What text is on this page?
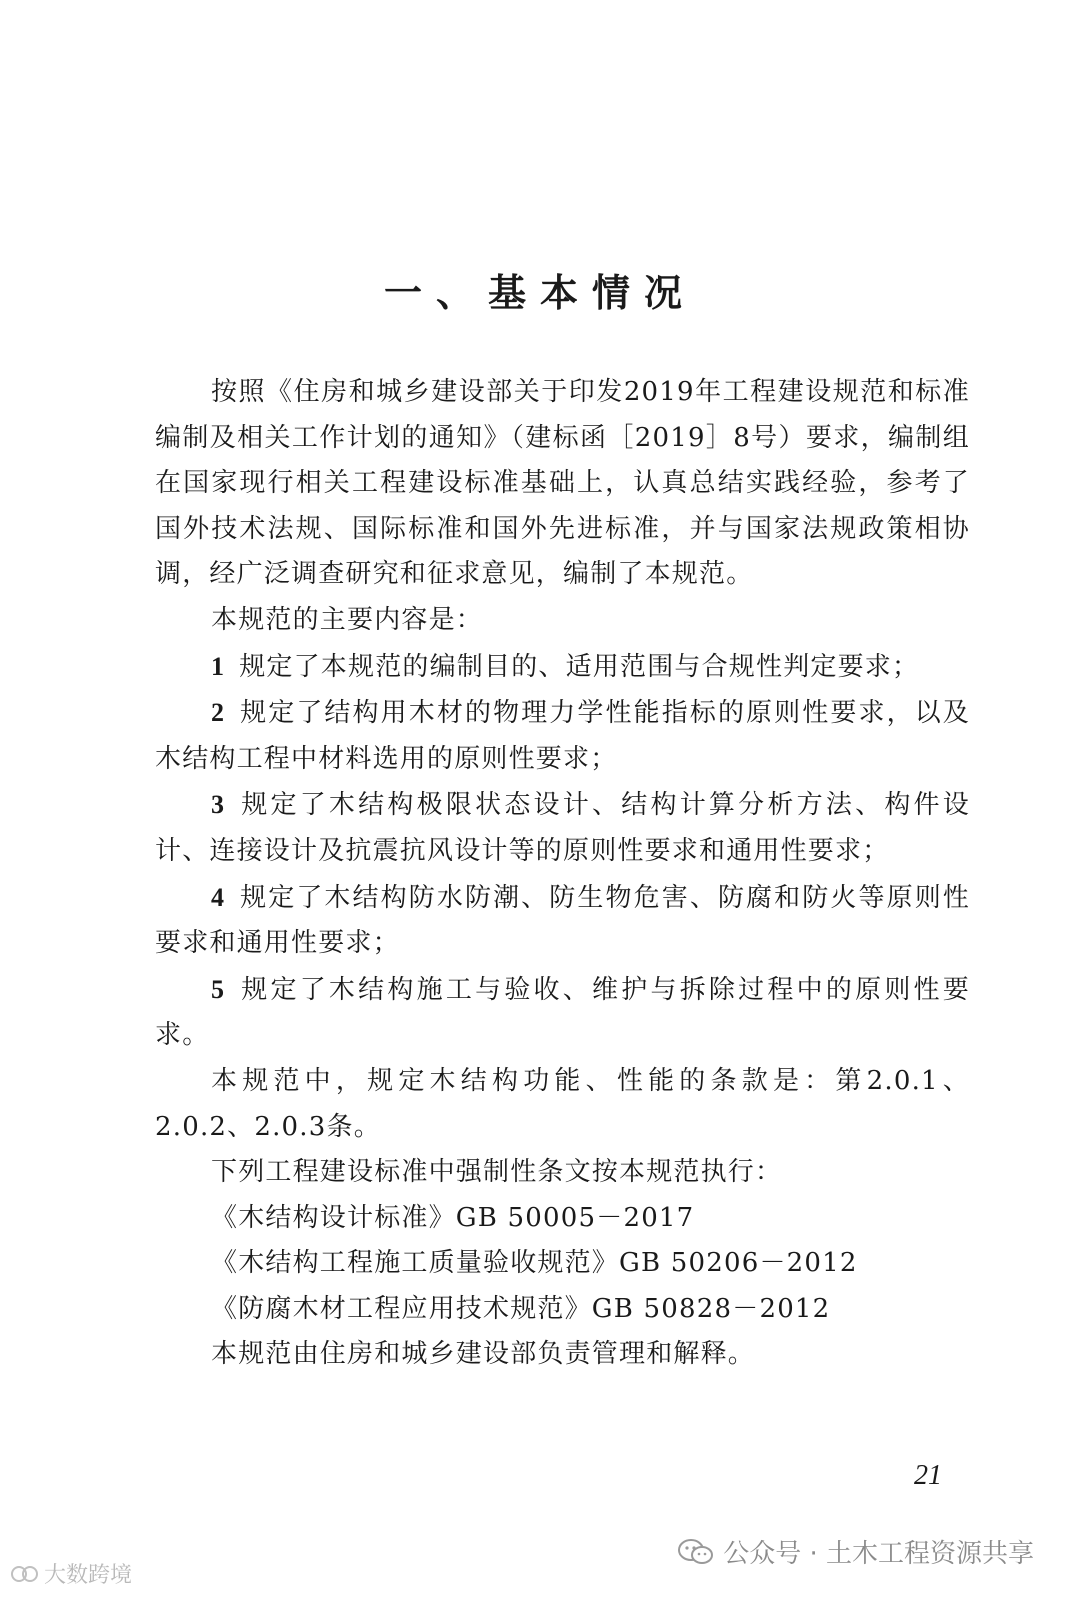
一、基本情况

按照《住房和城乡建设部关于印发2019年工程建设规范和标准编制及相关工作计划的通知》（建标函［2019］8号）要求，编制组在国家现行相关工程建设标准基础上，认真总结实践经验，参考了国外技术法规、国际标准和国外先进标准，并与国家法规政策相协调，经广泛调查研究和征求意见，编制了本规范。

本规范的主要内容是：

1 规定了本规范的编制目的、适用范围与合规性判定要求；

2 规定了结构用木材的物理力学性能指标的原则性要求，以及木结构工程中材料选用的原则性要求；

3 规定了木结构极限状态设计、结构计算分析方法、构件设计、连接设计及抗震抗风设计等的原则性要求和通用性要求；

4 规定了木结构防水防潮、防生物危害、防腐和防火等原则性要求和通用性要求；

5 规定了木结构施工与验收、维护与拆除过程中的原则性要求。

本规范中，规定木结构功能、性能的条款是：第2.0.1、2.0.2、2.0.3条。

下列工程建设标准中强制性条文按本规范执行：

《木结构设计标准》GB 50005－2017

《木结构工程施工质量验收规范》GB 50206－2012

《防腐木材工程应用技术规范》GB 50828－2012

本规范由住房和城乡建设部负责管理和解释。

21
公众号 · 土木工程资源共享
大数跨境
